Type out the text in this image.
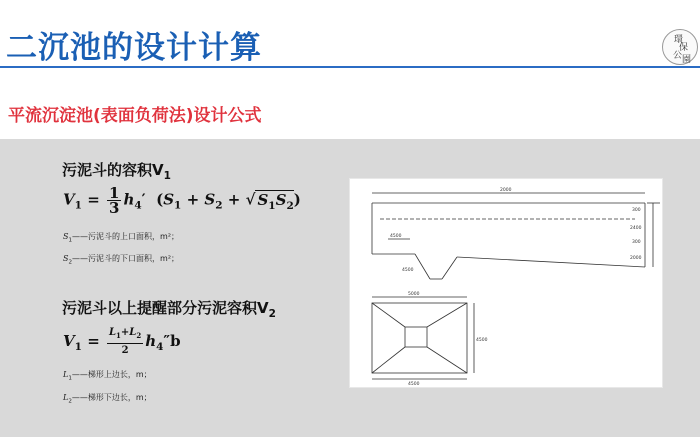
二沉池的设计计算	環
保
公 園
平流沉淀池(表面负荷法)设计公式
污泥斗的容积$V_1$
$V_1 = \frac{1}{3} h_4'$ ($S_1 + S_2$ + √ $S_1S_2$)
$S_1——$污泥斗的上口面积，m²；
$S_2——$污泥斗的下口面积，m²；
污泥斗以上提醒部分污泥容积$V_2$
$V_1 = \frac{L_1+L_2}{2} h_4''b$
$L_1——$梯形上边长，m；
$L_2——$梯形下边长，m；
2000
4500
4500
300
2400
300
2000
5000
4500
4500
